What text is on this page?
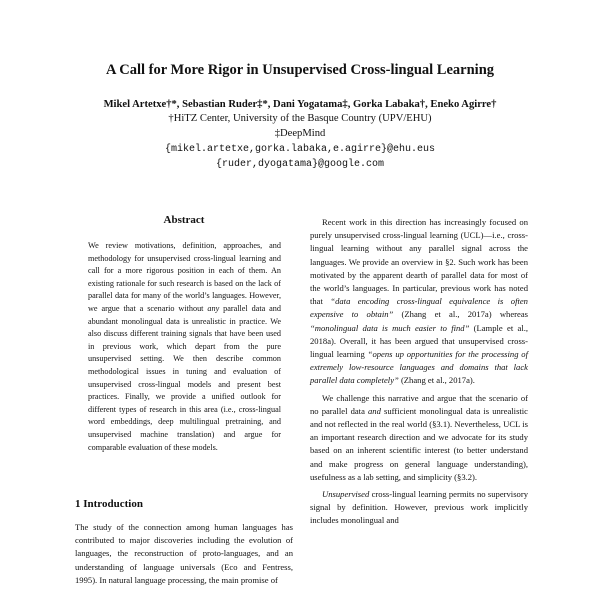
A Call for More Rigor in Unsupervised Cross-lingual Learning
Mikel Artetxe†*, Sebastian Ruder‡*, Dani Yogatama‡, Gorka Labaka†, Eneko Agirre†
†HiTZ Center, University of the Basque Country (UPV/EHU)
‡DeepMind
{mikel.artetxe,gorka.labaka,e.agirre}@ehu.eus
{ruder,dyogatama}@google.com
Abstract

We review motivations, definition, approaches, and methodology for unsupervised cross-lingual learning and call for a more rigorous position in each of them. An existing rationale for such research is based on the lack of parallel data for many of the world’s languages. However, we argue that a scenario without any parallel data and abundant monolingual data is unrealistic in practice. We also discuss different training signals that have been used in previous work, which depart from the pure unsupervised setting. We then describe common methodological issues in tuning and evaluation of unsupervised cross-lingual models and present best practices. Finally, we provide a unified outlook for different types of research in this area (i.e., cross-lingual word embeddings, deep multilingual pretraining, and unsupervised machine translation) and argue for comparable evaluation of these models.

1 Introduction

The study of the connection among human languages has contributed to major discoveries including the evolution of languages, the reconstruction of proto-languages, and an understanding of language universals (Eco and Fentress, 1995). In natural language processing, the main promise of

Recent work in this direction has increasingly focused on purely unsupervised cross-lingual learning (UCL)—i.e., cross-lingual learning without any parallel signal across the languages. We provide an overview in §2. Such work has been motivated by the apparent dearth of parallel data for most of the world’s languages. In particular, previous work has noted that “data encoding cross-lingual equivalence is often expensive to obtain” (Zhang et al., 2017a) whereas “monolingual data is much easier to find” (Lample et al., 2018a). Overall, it has been argued that unsupervised cross-lingual learning “opens up opportunities for the processing of extremely low-resource languages and domains that lack parallel data completely” (Zhang et al., 2017a).

We challenge this narrative and argue that the scenario of no parallel data and sufficient monolingual data is unrealistic and not reflected in the real world (§3.1). Nevertheless, UCL is an important research direction and we advocate for its study based on an inherent scientific interest (to better understand and make progress on general language understanding), usefulness as a lab setting, and simplicity (§3.2).

Unsupervised cross-lingual learning permits no supervisory signal by definition. However, previous work implicitly includes monolingual and
